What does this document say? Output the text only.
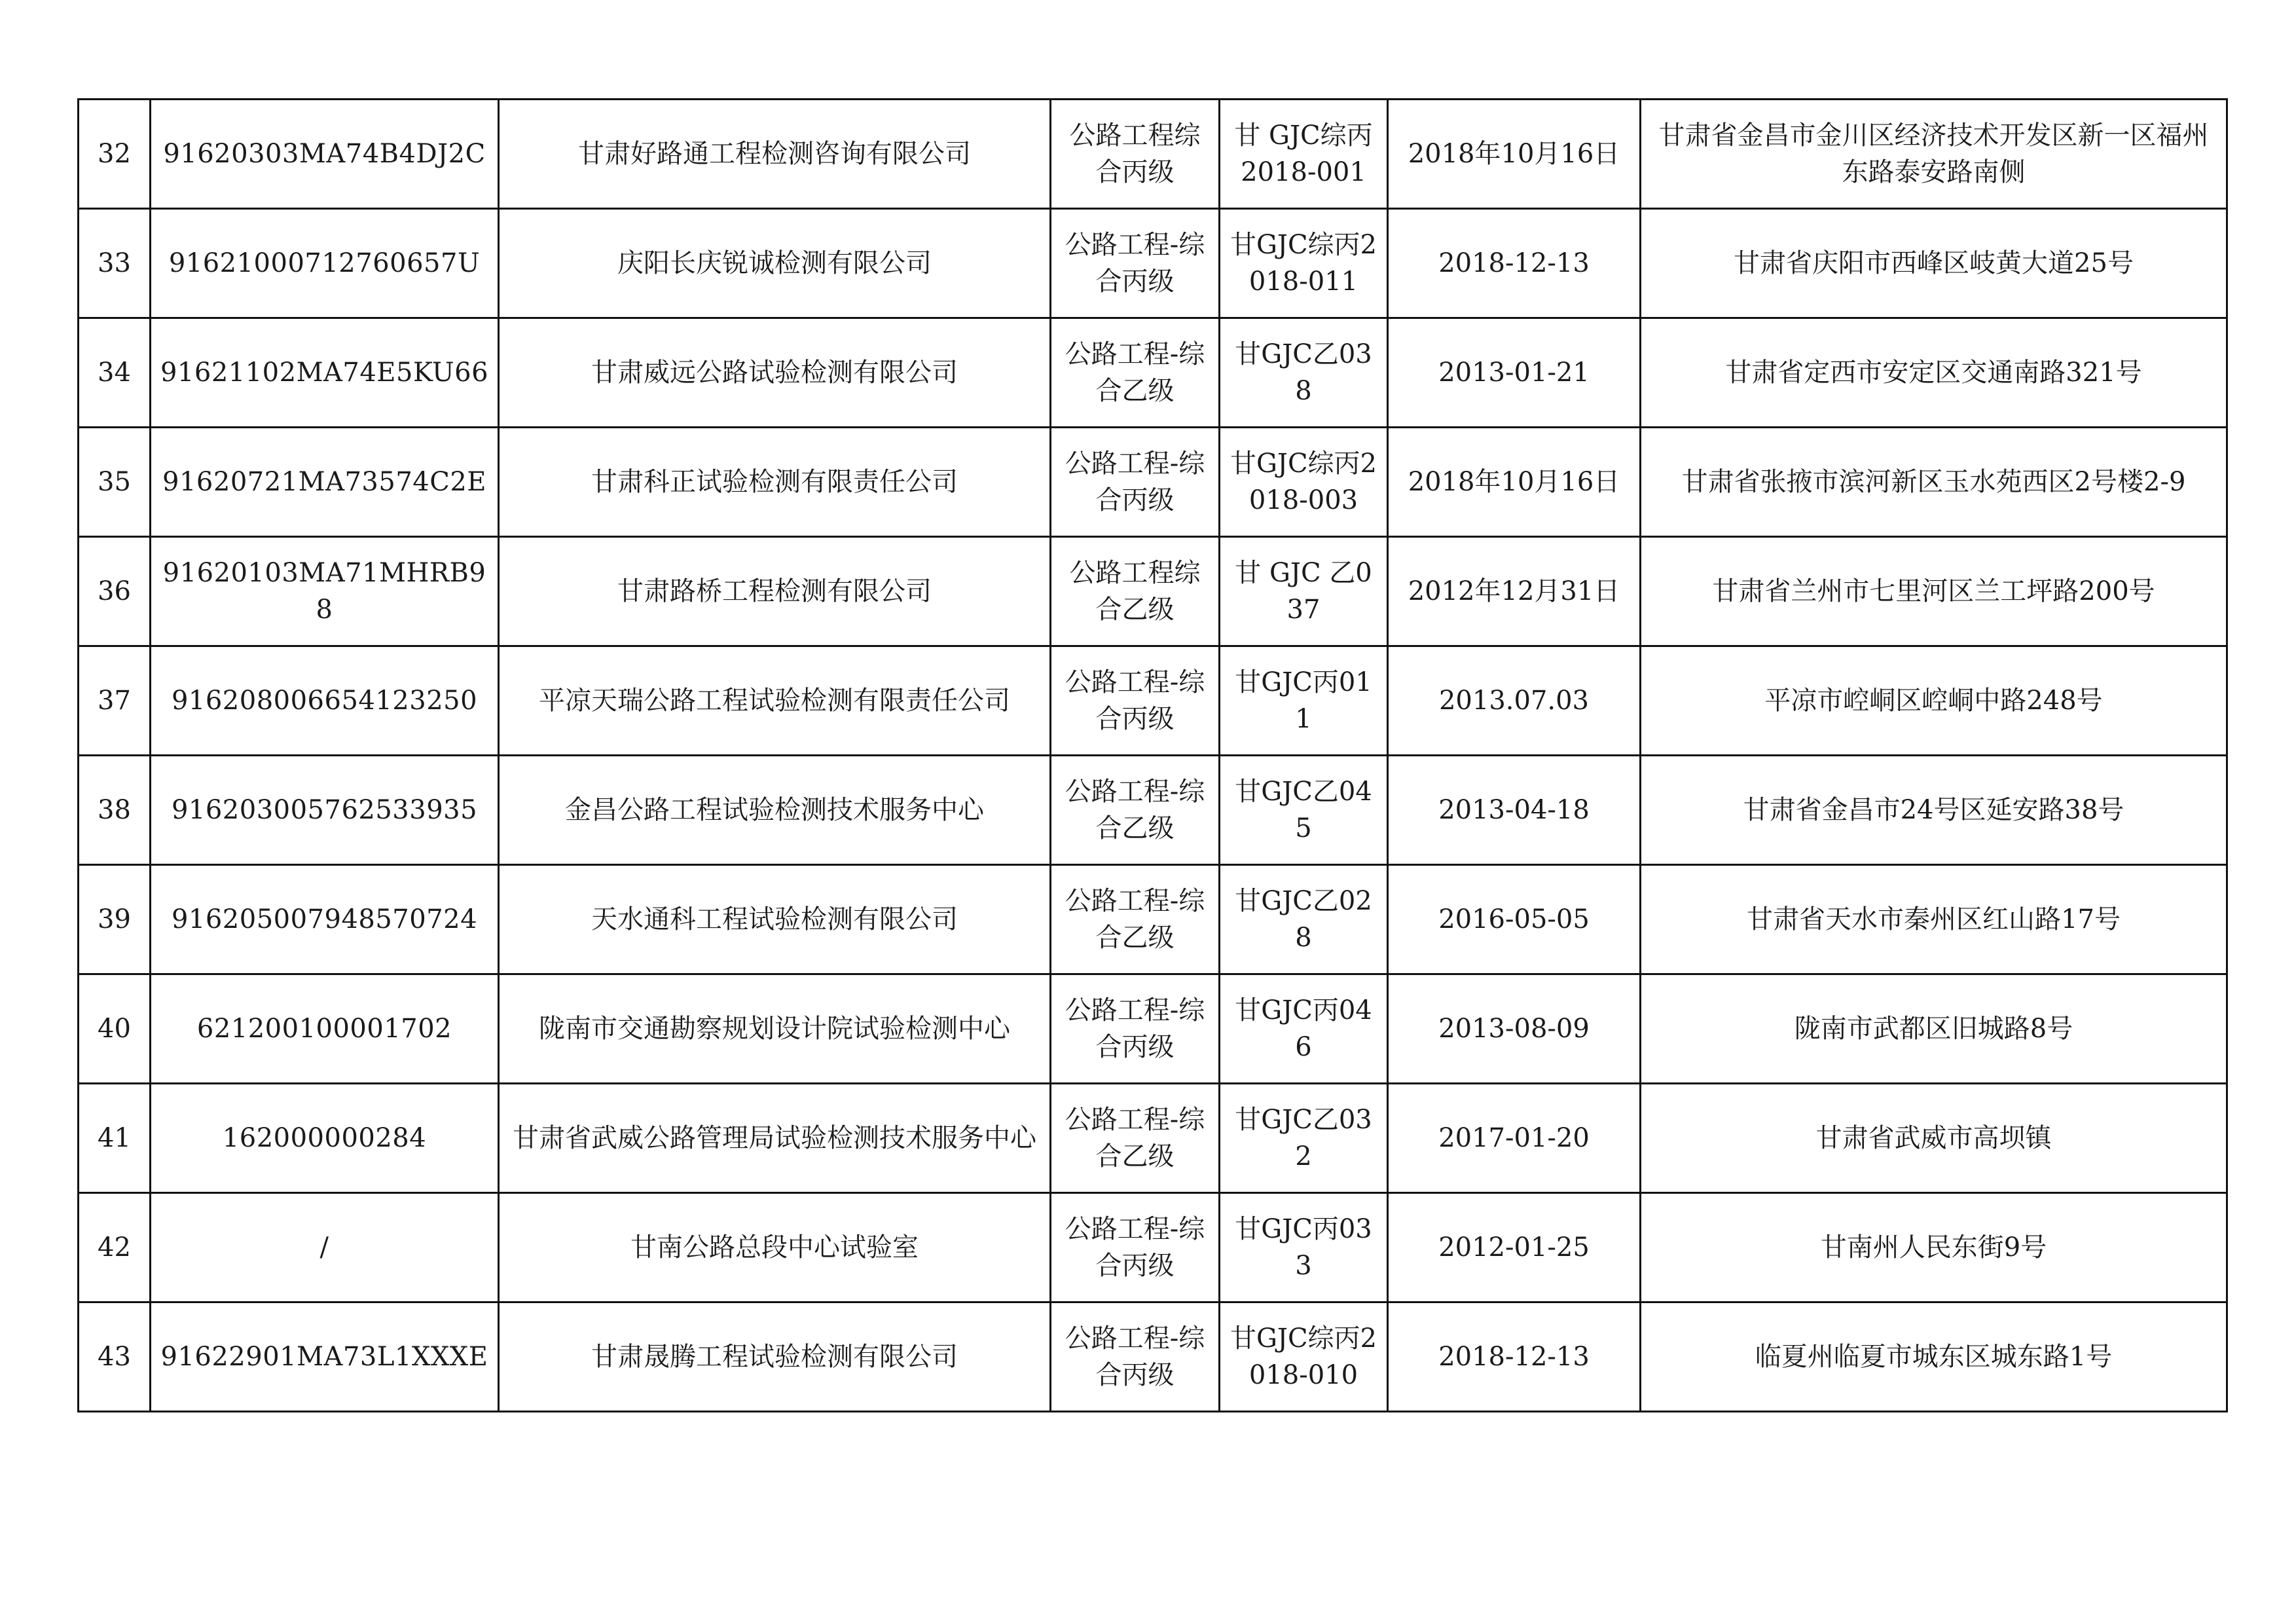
32	91620303MA74B4DJ2C	甘肃好路通工程检测咨询有限公司	公路工程综合丙级	甘 GJC综丙2018-001	2018年10月16日	甘肃省金昌市金川区经济技术开发区新一区福州东路泰安路南侧
33	91621000712760657U	庆阳长庆锐诚检测有限公司	公路工程-综合丙级	甘GJC综丙2018-011	2018-12-13	甘肃省庆阳市西峰区岐黄大道25号
34	91621102MA74E5KU66	甘肃威远公路试验检测有限公司	公路工程-综合乙级	甘GJC乙038	2013-01-21	甘肃省定西市安定区交通南路321号
35	91620721MA73574C2E	甘肃科正试验检测有限责任公司	公路工程-综合丙级	甘GJC综丙2018-003	2018年10月16日	甘肃省张掖市滨河新区玉水苑西区2号楼2-9
36	91620103MA71MHRB98	甘肃路桥工程检测有限公司	公路工程综合乙级	甘 GJC 乙037	2012年12月31日	甘肃省兰州市七里河区兰工坪路200号
37	916208006654123250	平凉天瑞公路工程试验检测有限责任公司	公路工程-综合丙级	甘GJC丙011	2013.07.03	平凉市崆峒区崆峒中路248号
38	916203005762533935	金昌公路工程试验检测技术服务中心	公路工程-综合乙级	甘GJC乙045	2013-04-18	甘肃省金昌市24号区延安路38号
39	916205007948570724	天水通科工程试验检测有限公司	公路工程-综合乙级	甘GJC乙028	2016-05-05	甘肃省天水市秦州区红山路17号
40	621200100001702	陇南市交通勘察规划设计院试验检测中心	公路工程-综合丙级	甘GJC丙046	2013-08-09	陇南市武都区旧城路8号
41	162000000284	甘肃省武威公路管理局试验检测技术服务中心	公路工程-综合乙级	甘GJC乙032	2017-01-20	甘肃省武威市高坝镇
42	/	甘南公路总段中心试验室	公路工程-综合丙级	甘GJC丙033	2012-01-25	甘南州人民东街9号
43	91622901MA73L1XXXE	甘肃晟腾工程试验检测有限公司	公路工程-综合丙级	甘GJC综丙2018-010	2018-12-13	临夏州临夏市城东区城东路1号
